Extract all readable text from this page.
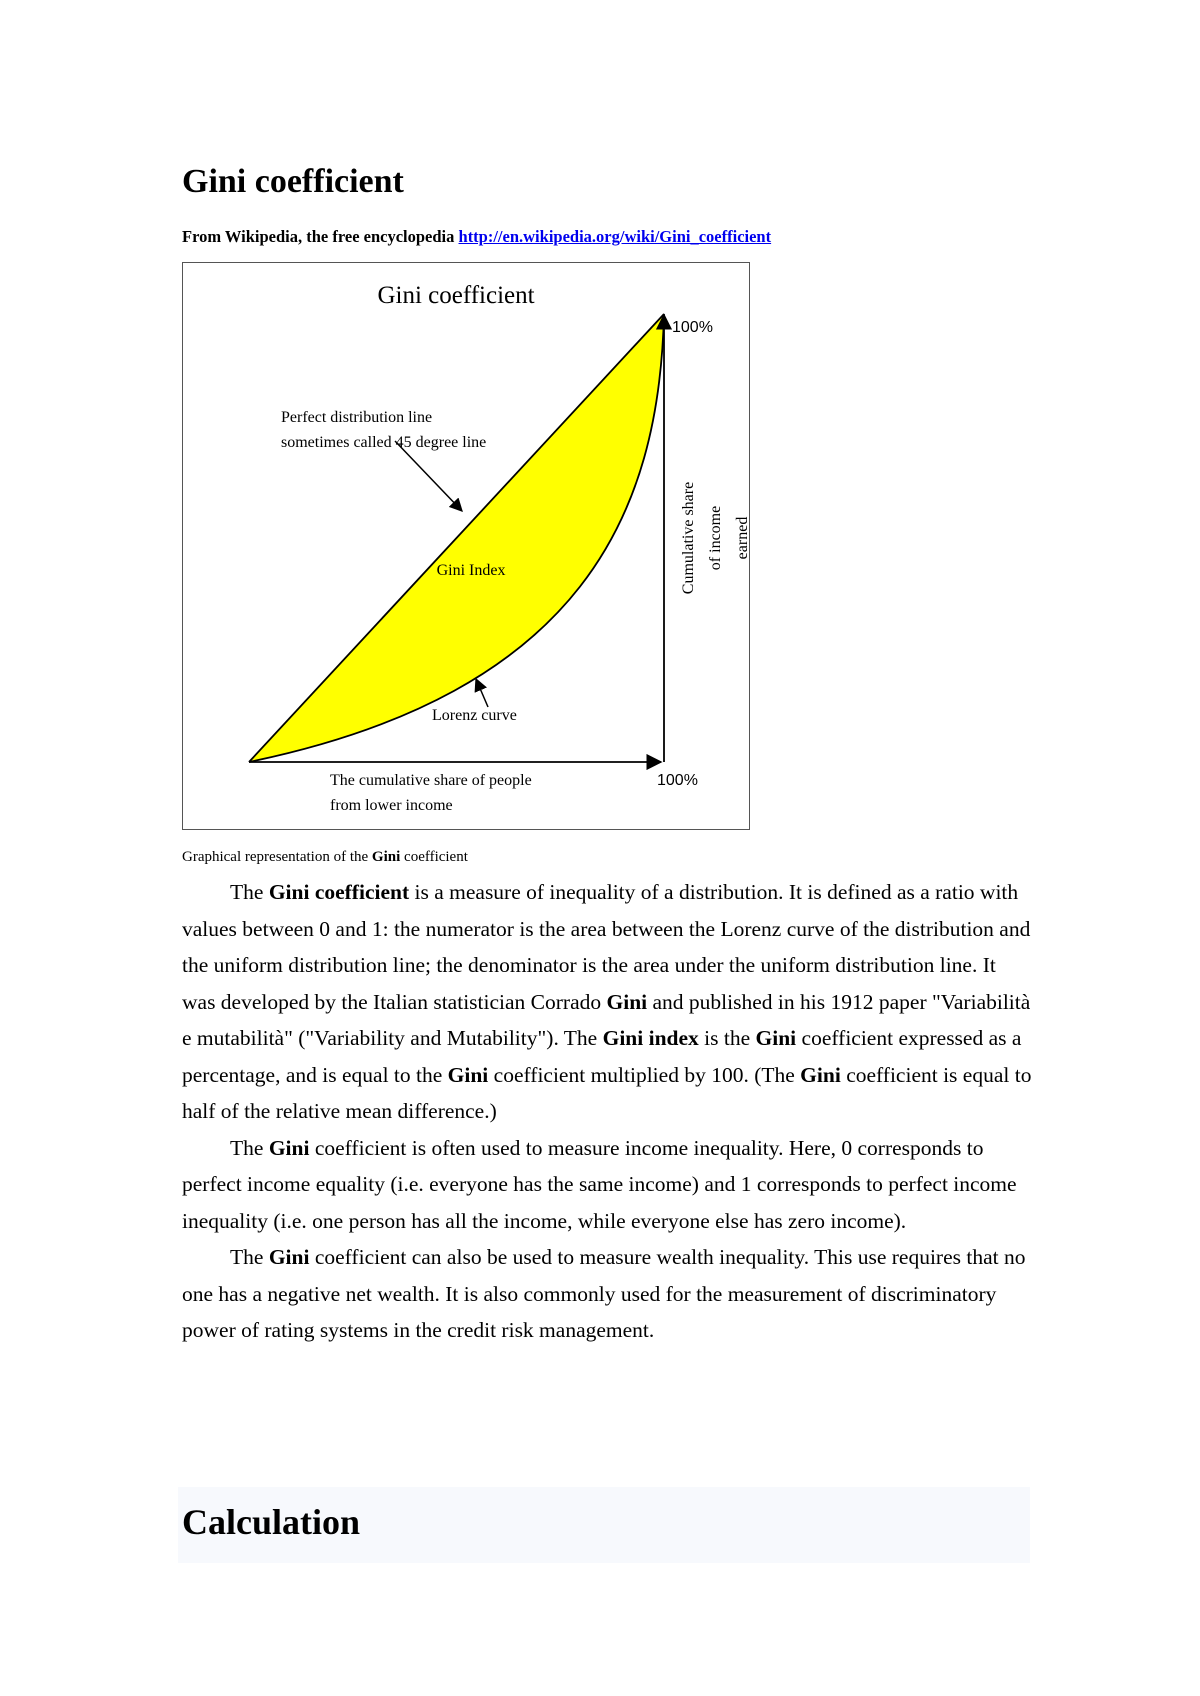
Gini coefficient
From Wikipedia, the free encyclopedia http://en.wikipedia.org/wiki/Gini_coefficient
Gini coefficient
100%
Perfect distribution line
sometimes called 45 degree line
Gini Index
Lorenz curve
The cumulative share of people
from lower income
100%
Cumulative share of income earned
Graphical representation of the Gini coefficient

The Gini coefficient is a measure of inequality of a distribution. It is defined as a ratio with values between 0 and 1: the numerator is the area between the Lorenz curve of the distribution and the uniform distribution line; the denominator is the area under the uniform distribution line. It was developed by the Italian statistician Corrado Gini and published in his 1912 paper "Variabilità e mutabilità" ("Variability and Mutability"). The Gini index is the Gini coefficient expressed as a percentage, and is equal to the Gini coefficient multiplied by 100. (The Gini coefficient is equal to half of the relative mean difference.)

The Gini coefficient is often used to measure income inequality. Here, 0 corresponds to perfect income equality (i.e. everyone has the same income) and 1 corresponds to perfect income inequality (i.e. one person has all the income, while everyone else has zero income).

The Gini coefficient can also be used to measure wealth inequality. This use requires that no one has a negative net wealth. It is also commonly used for the measurement of discriminatory power of rating systems in the credit risk management.

Calculation
